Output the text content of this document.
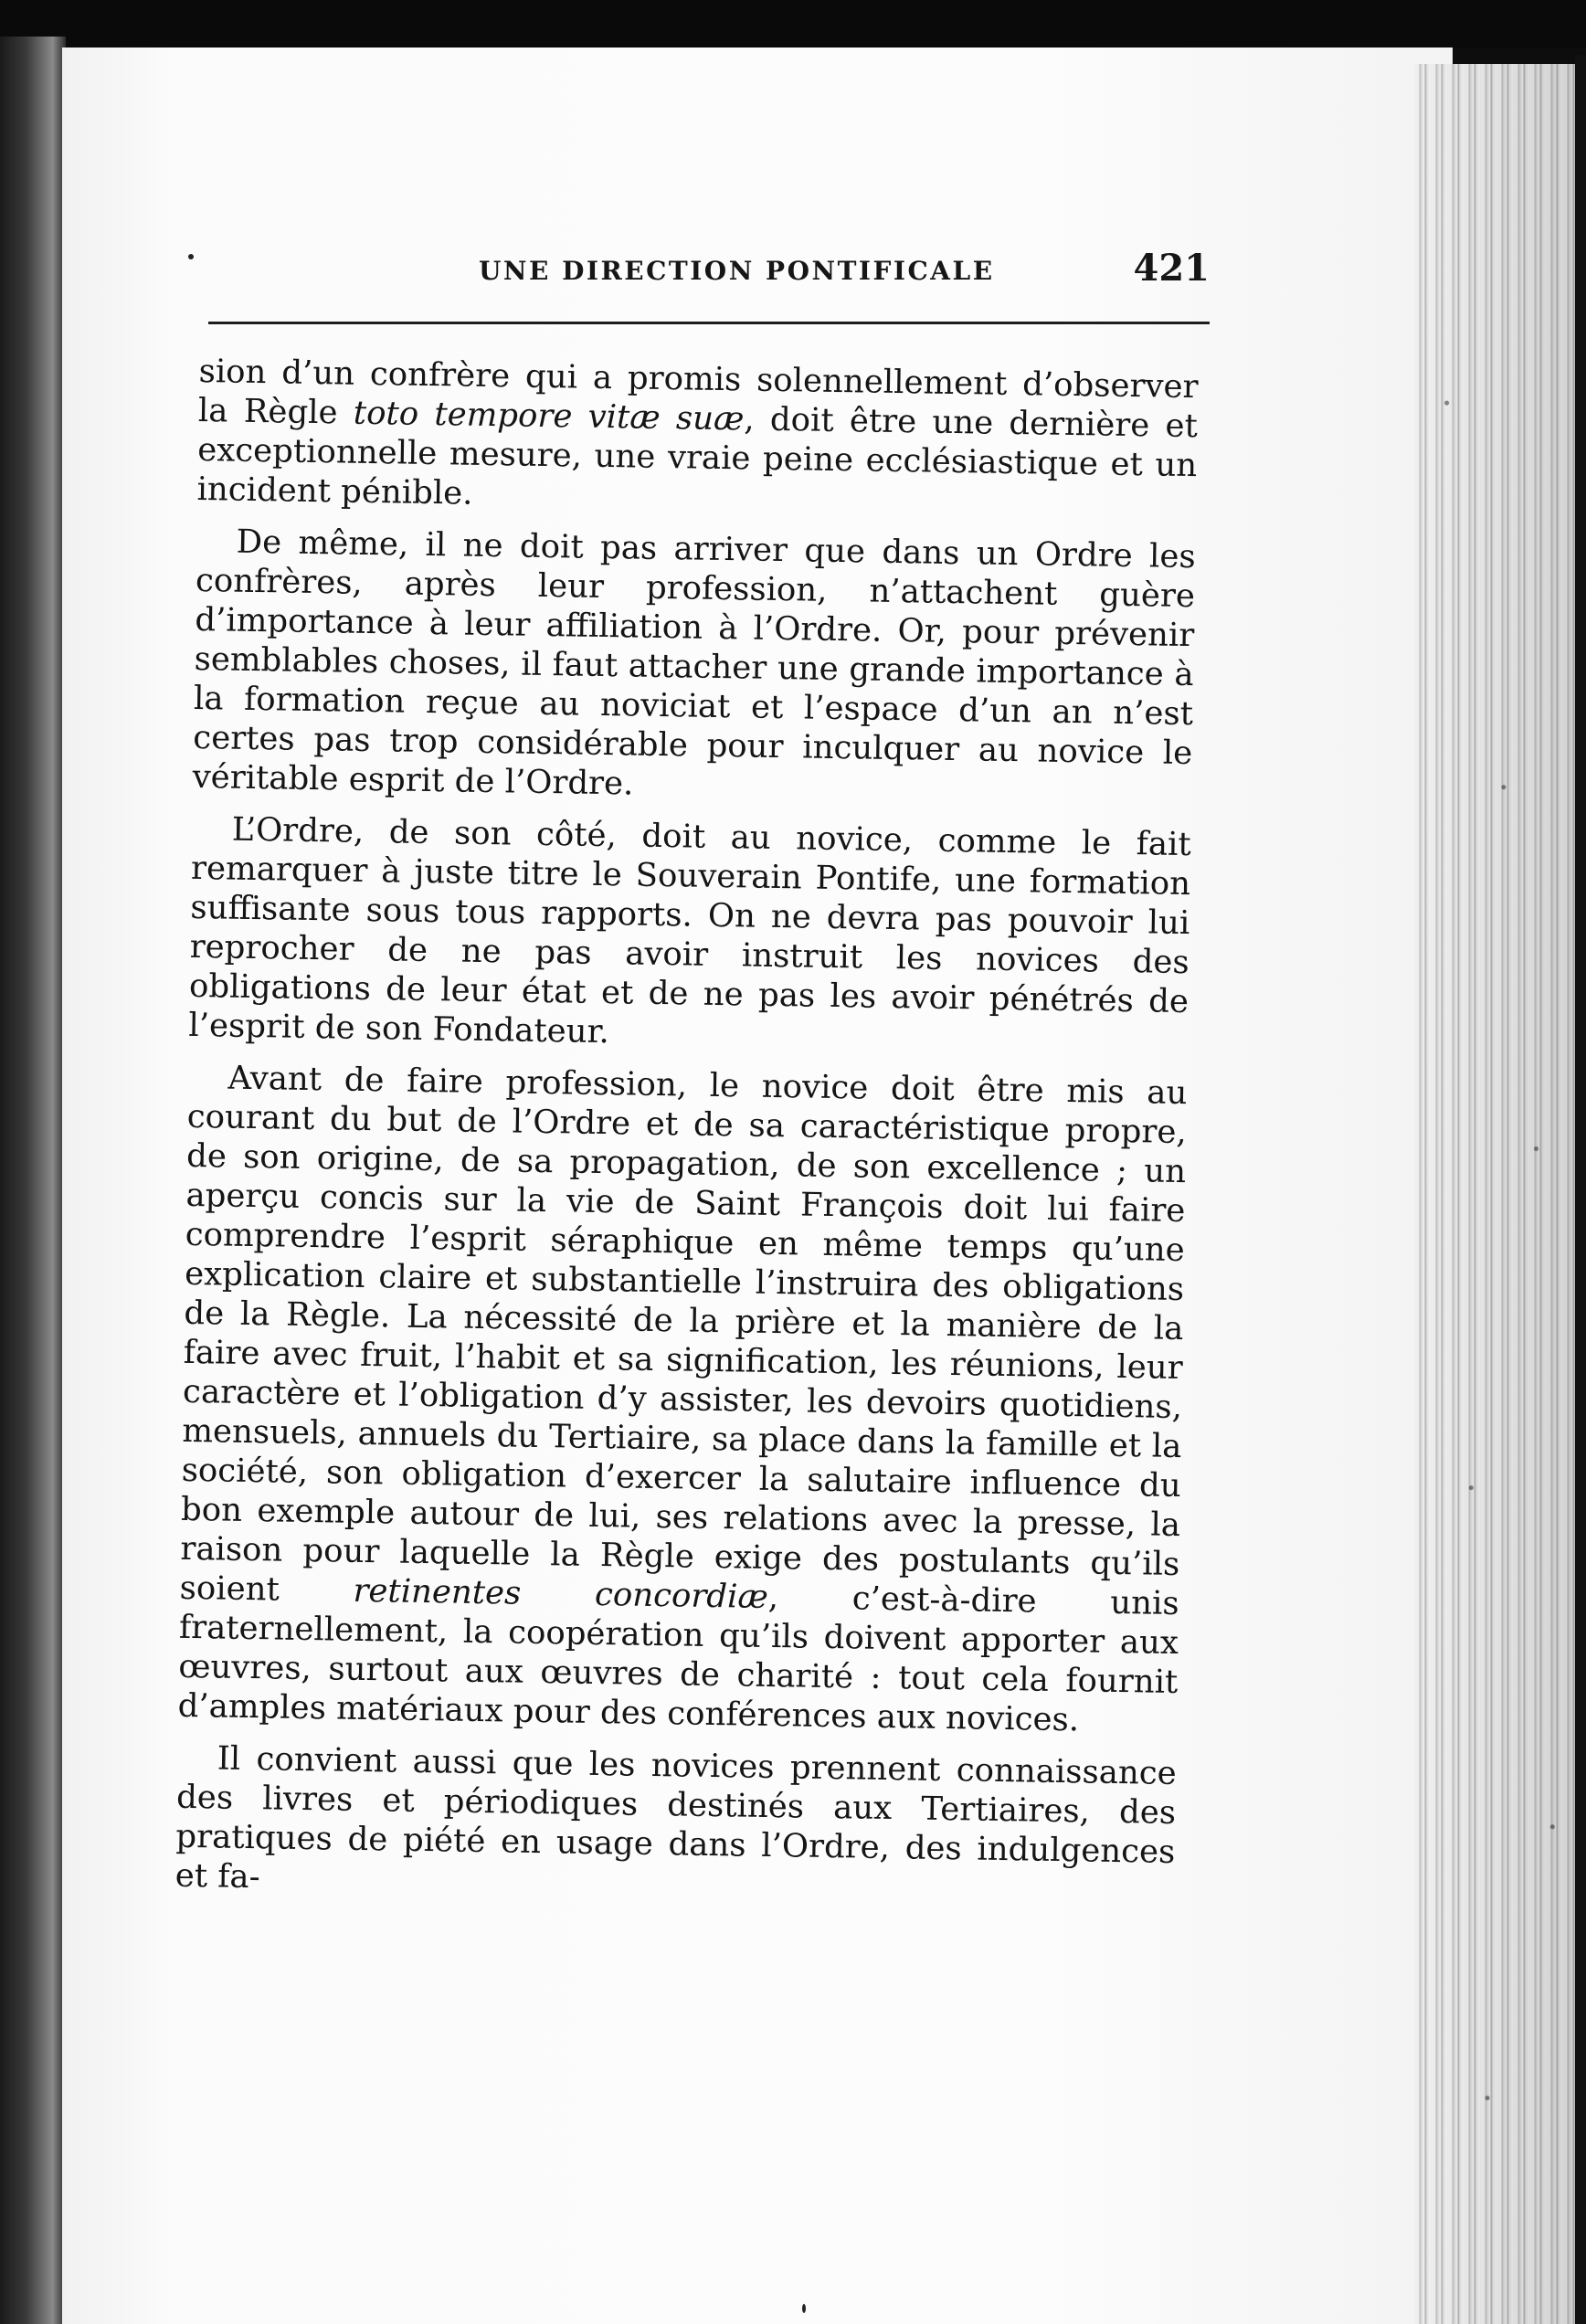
UNE DIRECTION PONTIFICALE	421

sion d’un confrère qui a promis solennellement d’observer la Règle toto tempore vitæ suæ, doit être une dernière et exceptionnelle mesure, une vraie peine ecclésiastique et un incident pénible.

De même, il ne doit pas arriver que dans un Ordre les confrères, après leur profession, n’attachent guère d’importance à leur affiliation à l’Ordre. Or, pour prévenir semblables choses, il faut attacher une grande importance à la formation reçue au noviciat et l’espace d’un an n’est certes pas trop considérable pour inculquer au novice le véritable esprit de l’Ordre.

L’Ordre, de son côté, doit au novice, comme le fait remarquer à juste titre le Souverain Pontife, une formation suffisante sous tous rapports. On ne devra pas pouvoir lui reprocher de ne pas avoir instruit les novices des obligations de leur état et de ne pas les avoir pénétrés de l’esprit de son Fondateur.

Avant de faire profession, le novice doit être mis au courant du but de l’Ordre et de sa caractéristique propre, de son origine, de sa propagation, de son excellence ; un aperçu concis sur la vie de Saint François doit lui faire comprendre l’esprit séraphique en même temps qu’une explication claire et substantielle l’instruira des obligations de la Règle. La nécessité de la prière et la manière de la faire avec fruit, l’habit et sa signification, les réunions, leur caractère et l’obligation d’y assister, les devoirs quotidiens, mensuels, annuels du Tertiaire, sa place dans la famille et la société, son obligation d’exercer la salutaire influence du bon exemple autour de lui, ses relations avec la presse, la raison pour laquelle la Règle exige des postulants qu’ils soient retinentes concordiæ, c’est-à-dire unis fraternellement, la coopération qu’ils doivent apporter aux œuvres, surtout aux œuvres de charité : tout cela fournit d’amples matériaux pour des conférences aux novices.

Il convient aussi que les novices prennent connaissance des livres et périodiques destinés aux Tertiaires, des pratiques de piété en usage dans l’Ordre, des indulgences et fa-
